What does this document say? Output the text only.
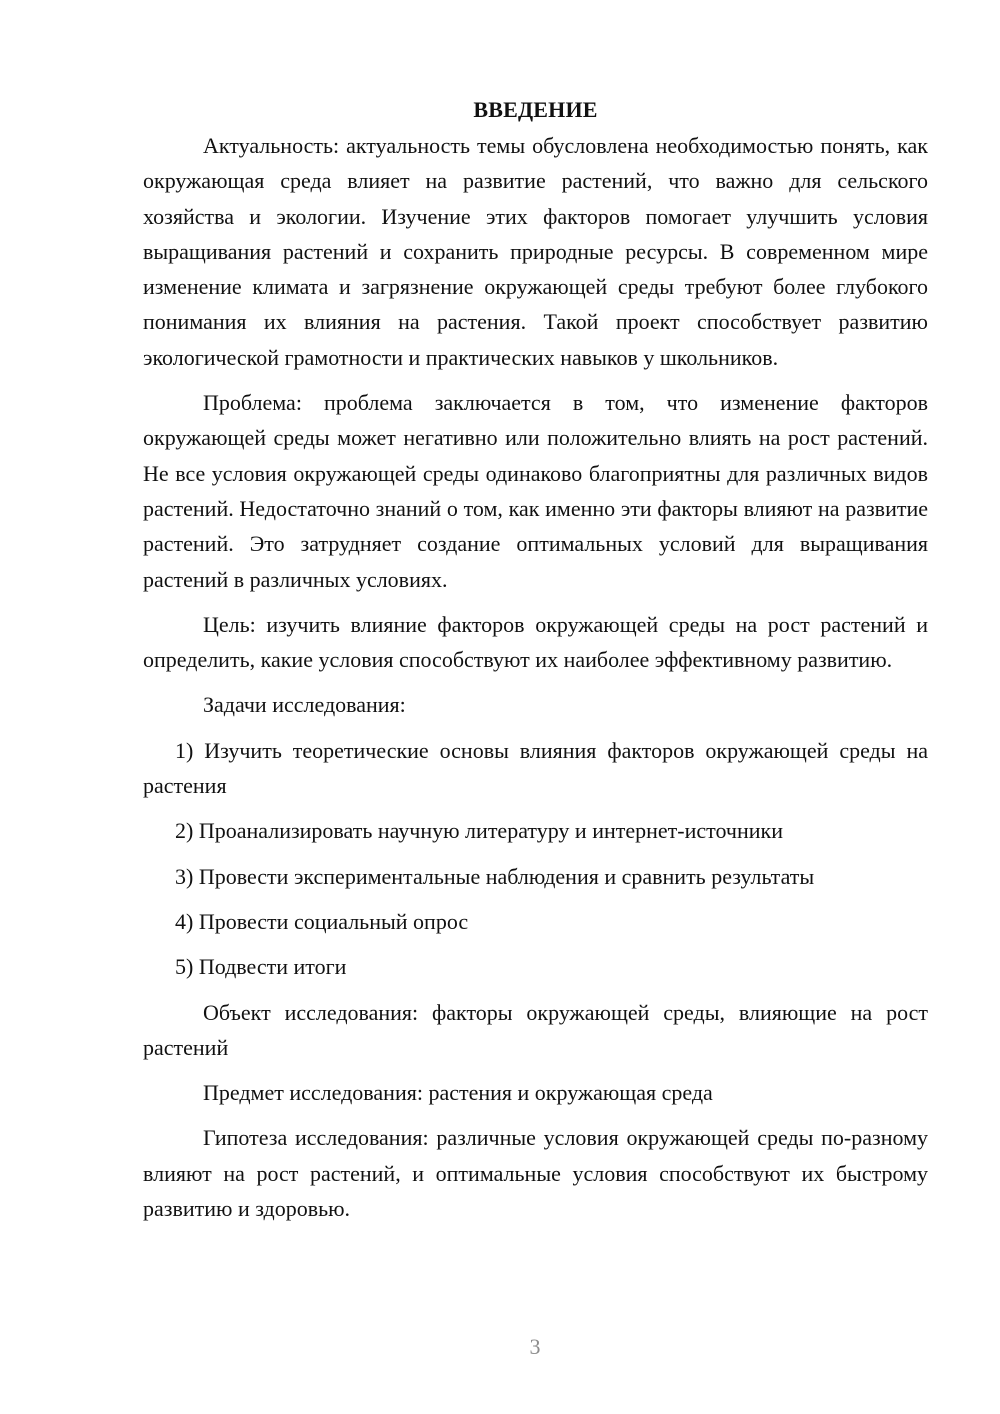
ВВЕДЕНИЕ

Актуальность: актуальность темы обусловлена необходимостью понять, как окружающая среда влияет на развитие растений, что важно для сельского хозяйства и экологии. Изучение этих факторов помогает улучшить условия выращивания растений и сохранить природные ресурсы. В современном мире изменение климата и загрязнение окружающей среды требуют более глубокого понимания их влияния на растения. Такой проект способствует развитию экологической грамотности и практических навыков у школьников.

Проблема: проблема заключается в том, что изменение факторов окружающей среды может негативно или положительно влиять на рост растений. Не все условия окружающей среды одинаково благоприятны для различных видов растений. Недостаточно знаний о том, как именно эти факторы влияют на развитие растений. Это затрудняет создание оптимальных условий для выращивания растений в различных условиях.

Цель: изучить влияние факторов окружающей среды на рост растений и определить, какие условия способствуют их наиболее эффективному развитию.

Задачи исследования:

1) Изучить теоретические основы влияния факторов окружающей среды на растения

2) Проанализировать научную литературу и интернет-источники

3) Провести экспериментальные наблюдения и сравнить результаты

4) Провести социальный опрос

5) Подвести итоги

Объект исследования: факторы окружающей среды, влияющие на рост растений

Предмет исследования: растения и окружающая среда

Гипотеза исследования: различные условия окружающей среды по-разному влияют на рост растений, и оптимальные условия способствуют их быстрому развитию и здоровью.

3
